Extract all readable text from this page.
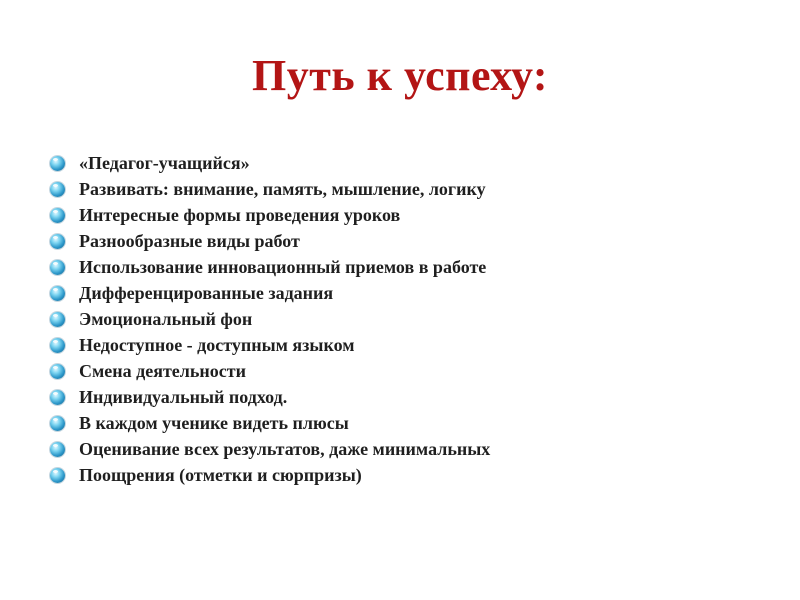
Путь к успеху:
«Педагог-учащийся»
Развивать: внимание, память, мышление, логику
Интересные формы проведения уроков
Разнообразные виды работ
Использование инновационный приемов в работе
Дифференцированные задания
Эмоциональный фон
Недоступное - доступным языком
Смена деятельности
Индивидуальный подход.
В каждом ученике видеть плюсы
Оценивание всех результатов, даже минимальных
Поощрения (отметки и сюрпризы)
